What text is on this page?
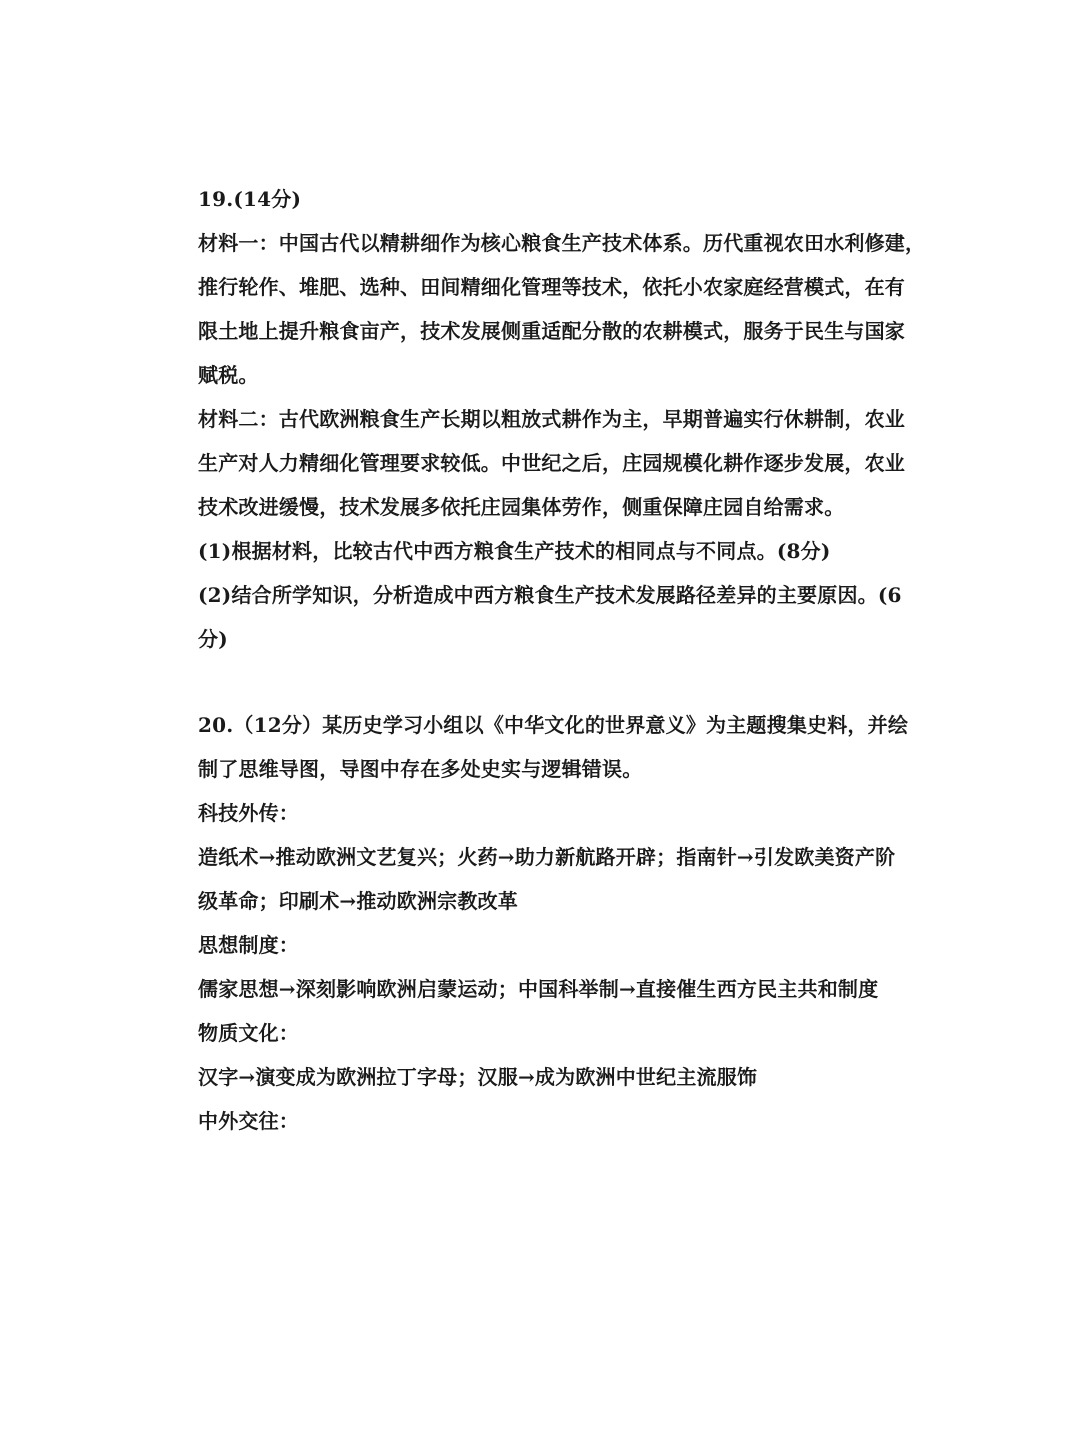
19.(14分)
材料一：中国古代以精耕细作为核心粮食生产技术体系。历代重视农田水利修建，
推行轮作、堆肥、选种、田间精细化管理等技术，依托小农家庭经营模式，在有
限土地上提升粮食亩产，技术发展侧重适配分散的农耕模式，服务于民生与国家
赋税。
材料二：古代欧洲粮食生产长期以粗放式耕作为主，早期普遍实行休耕制，农业
生产对人力精细化管理要求较低。中世纪之后，庄园规模化耕作逐步发展，农业
技术改进缓慢，技术发展多依托庄园集体劳作，侧重保障庄园自给需求。
(1)根据材料，比较古代中西方粮食生产技术的相同点与不同点。(8分)
(2)结合所学知识，分析造成中西方粮食生产技术发展路径差异的主要原因。(6
分)
20.（12分）某历史学习小组以《中华文化的世界意义》为主题搜集史料，并绘
制了思维导图，导图中存在多处史实与逻辑错误。
科技外传：
造纸术→推动欧洲文艺复兴；火药→助力新航路开辟；指南针→引发欧美资产阶
级革命；印刷术→推动欧洲宗教改革
思想制度：
儒家思想→深刻影响欧洲启蒙运动；中国科举制→直接催生西方民主共和制度
物质文化：
汉字→演变成为欧洲拉丁字母；汉服→成为欧洲中世纪主流服饰
中外交往：
